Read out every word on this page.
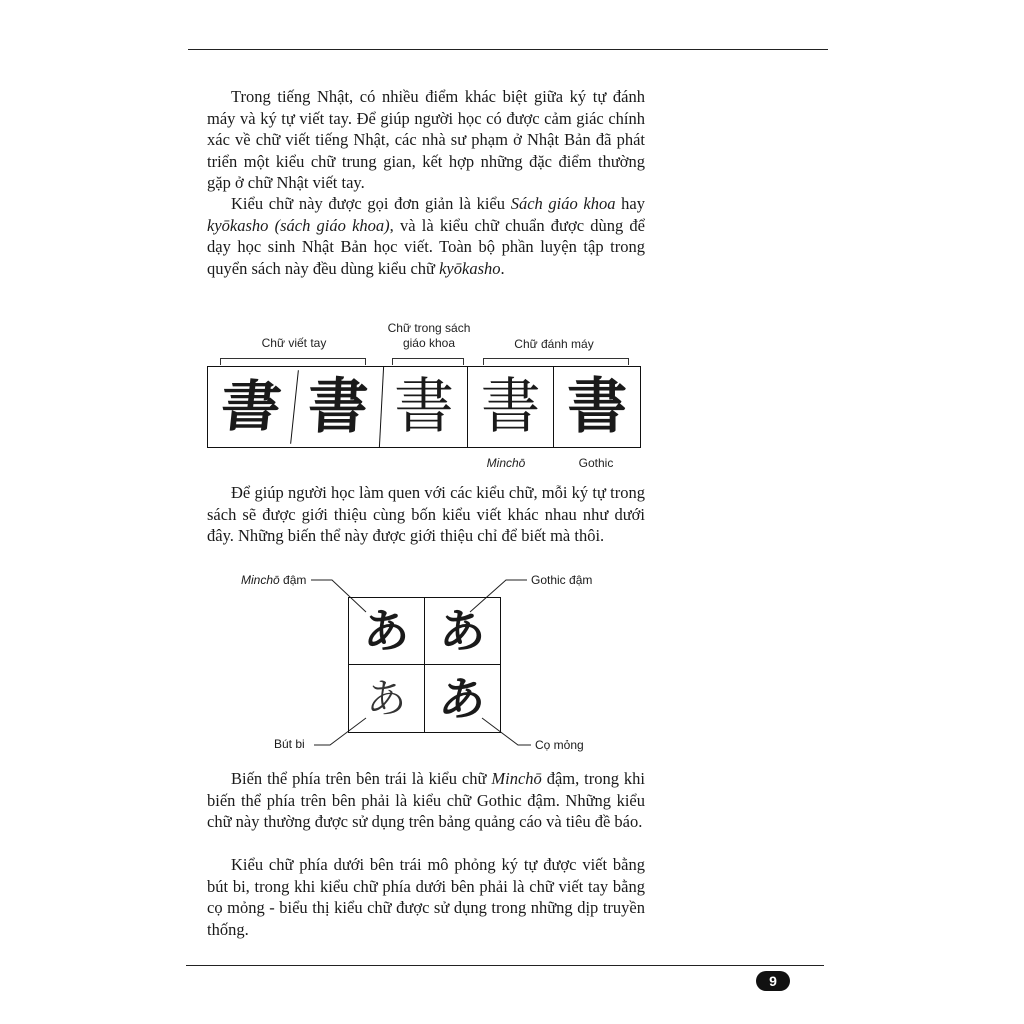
Trong tiếng Nhật, có nhiều điểm khác biệt giữa ký tự đánh máy và ký tự viết tay. Để giúp người học có được cảm giác chính xác về chữ viết tiếng Nhật, các nhà sư phạm ở Nhật Bản đã phát triển một kiểu chữ trung gian, kết hợp những đặc điểm thường gặp ở chữ Nhật viết tay.

Kiểu chữ này được gọi đơn giản là kiểu Sách giáo khoa hay kyōkasho (sách giáo khoa), và là kiểu chữ chuẩn được dùng để dạy học sinh Nhật Bản học viết. Toàn bộ phần luyện tập trong quyển sách này đều dùng kiểu chữ kyōkasho.

Chữ viết tay
Chữ trong sách giáo khoa	Chữ đánh máy
書 書 書 書 書
Minchō	Gothic

Để giúp người học làm quen với các kiểu chữ, mỗi ký tự trong sách sẽ được giới thiệu cùng bốn kiểu viết khác nhau như dưới đây. Những biến thể này được giới thiệu chỉ để biết mà thôi.

Minchō đậm	Gothic đậm
Bút bi	Cọ mỏng
あ あ
あ あ

Biến thể phía trên bên trái là kiểu chữ Minchō đậm, trong khi biến thể phía trên bên phải là kiểu chữ Gothic đậm. Những kiểu chữ này thường được sử dụng trên bảng quảng cáo và tiêu đề báo.

Kiểu chữ phía dưới bên trái mô phỏng ký tự được viết bằng bút bi, trong khi kiểu chữ phía dưới bên phải là chữ viết tay bằng cọ mỏng - biểu thị kiểu chữ được sử dụng trong những dịp truyền thống.

9
